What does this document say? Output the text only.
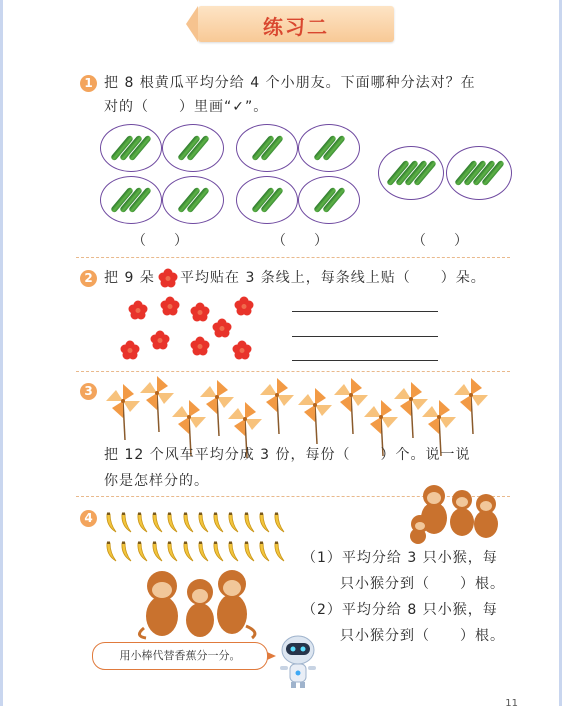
练习二
1 把 8 根黄瓜平均分给 4 个小朋友。下面哪种分法对？在
对的（　　）里画“✓”。
（　　）	（　　）	（　　）
2 把 9 朵 平均贴在 3 条线上，每条线上贴（　　）朵。
3
把 12 个风车平均分成 3 份，每份（　　）个。说一说
你是怎样分的。
4
（1）平均分给 3 只小猴，每
只小猴分到（　　）根。
（2）平均分给 8 只小猴，每
只小猴分到（　　）根。
用小棒代替香蕉分一分。
11
